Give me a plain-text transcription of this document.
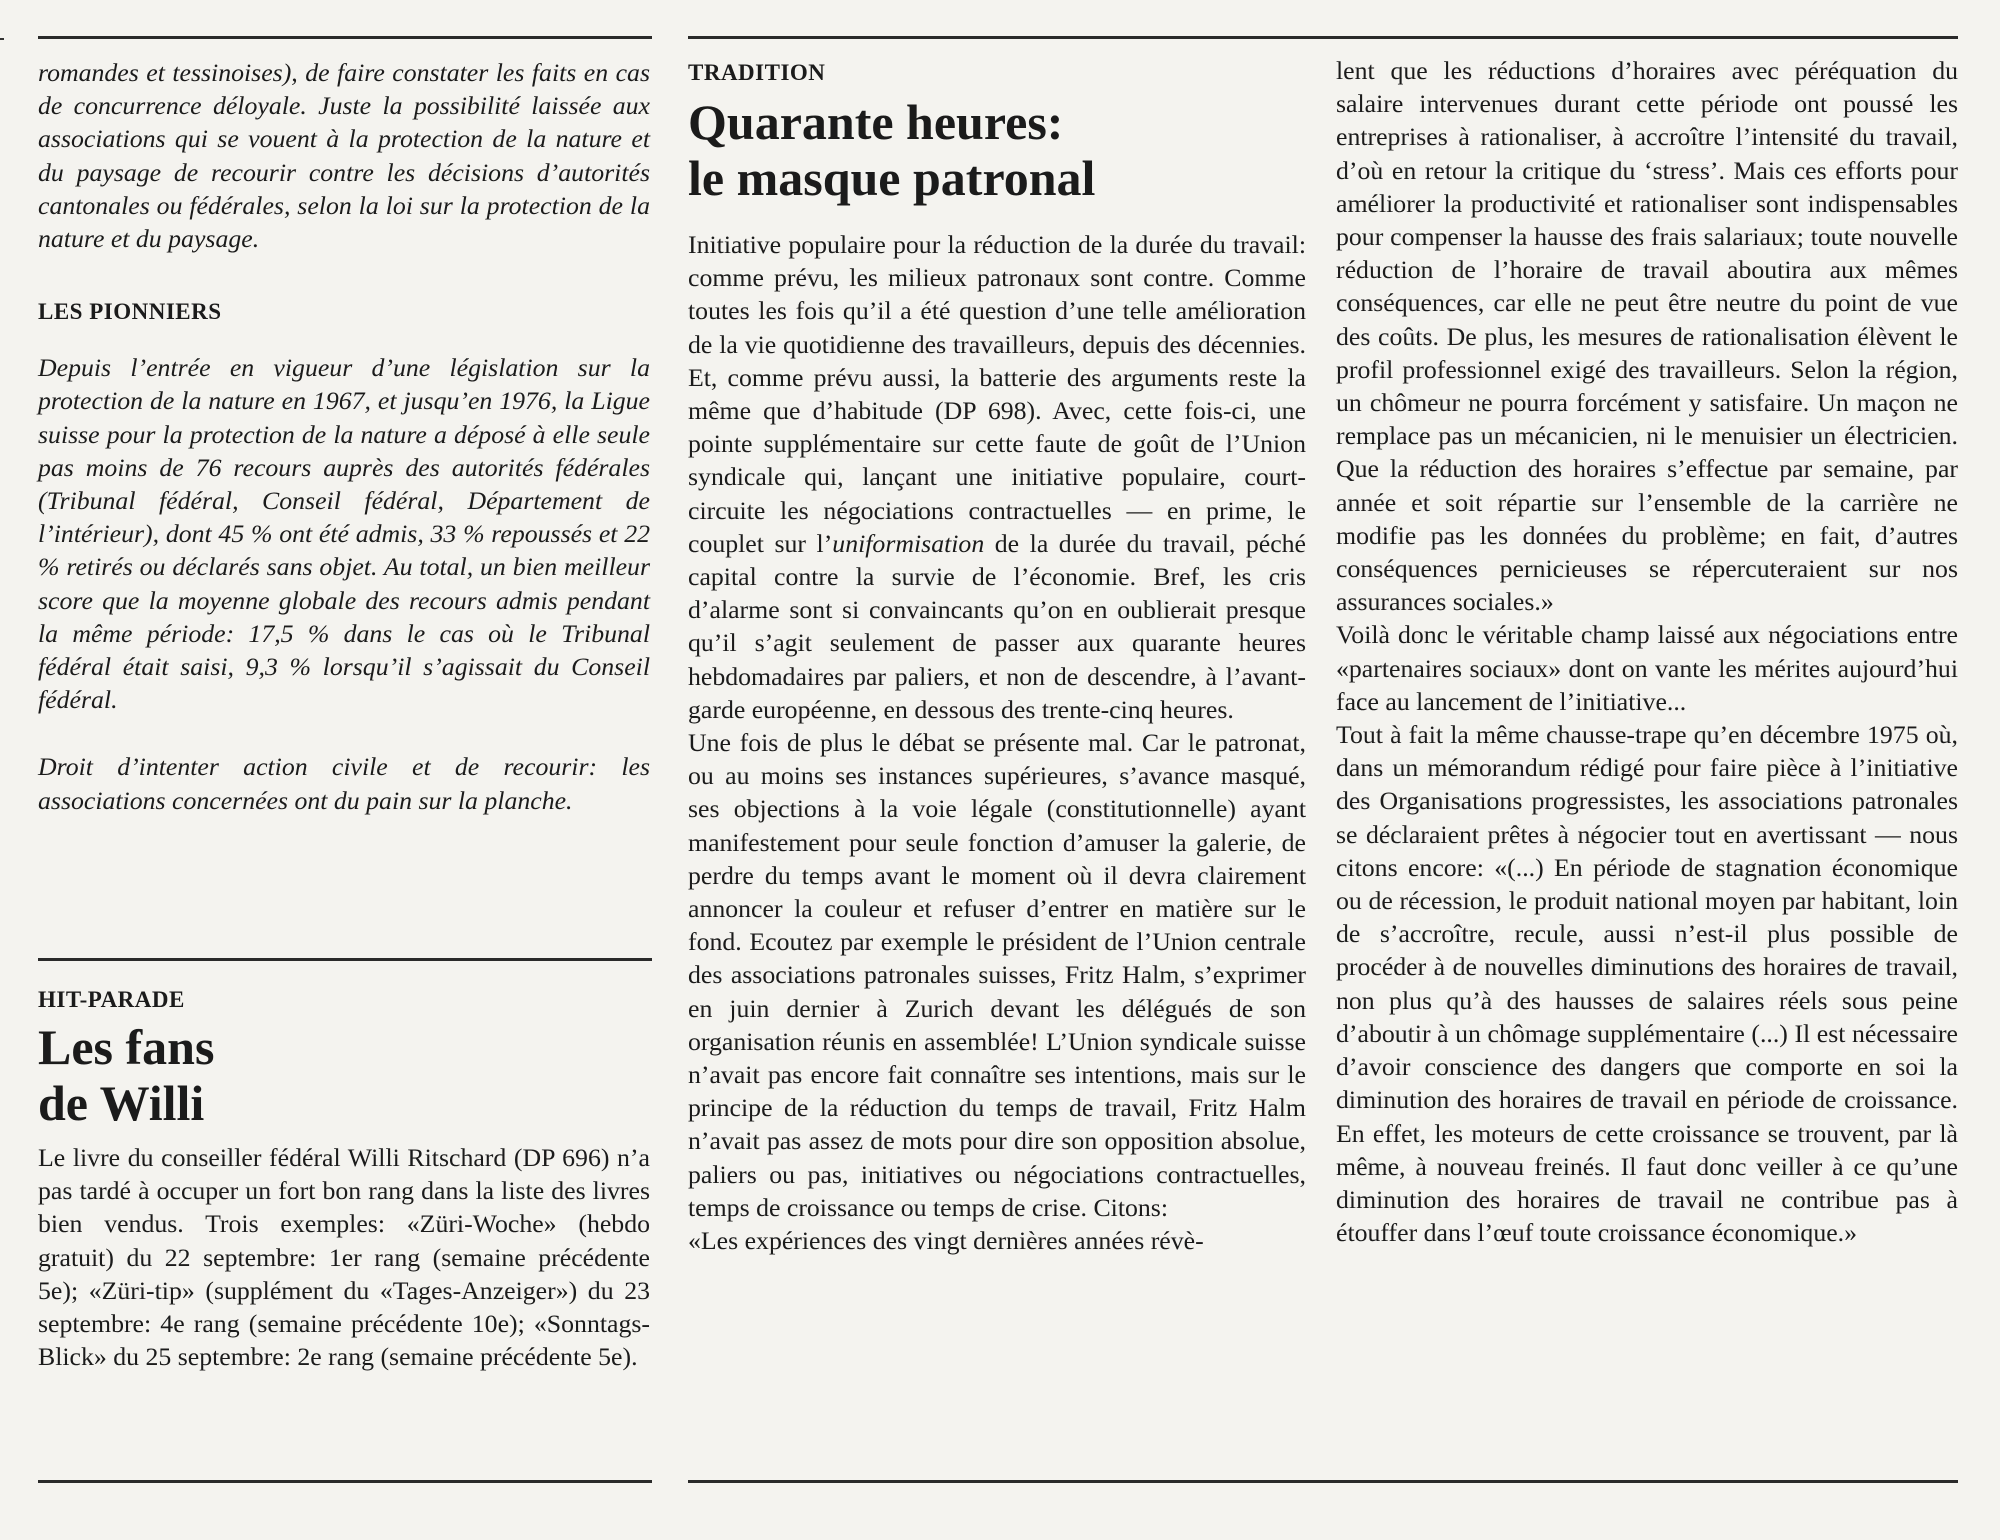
romandes et tessinoises), de faire constater les faits en cas de concurrence déloyale. Juste la possibilité laissée aux associations qui se vouent à la protection de la nature et du paysage de recourir contre les décisions d’autorités cantonales ou fédérales, selon la loi sur la protection de la nature et du paysage.

LES PIONNIERS

Depuis l’entrée en vigueur d’une législation sur la protection de la nature en 1967, et jusqu’en 1976, la Ligue suisse pour la protection de la nature a déposé à elle seule pas moins de 76 recours auprès des autorités fédérales (Tribunal fédéral, Conseil fédéral, Département de l’intérieur), dont 45 % ont été admis, 33 % repoussés et 22 % retirés ou déclarés sans objet. Au total, un bien meilleur score que la moyenne globale des recours admis pendant la même période: 17,5 % dans le cas où le Tribunal fédéral était saisi, 9,3 % lorsqu’il s’agissait du Conseil fédéral.

Droit d’intenter action civile et de recourir: les associations concernées ont du pain sur la planche.

HIT-PARADE
Les fans
de Willi

Le livre du conseiller fédéral Willi Ritschard (DP 696) n’a pas tardé à occuper un fort bon rang dans la liste des livres bien vendus. Trois exemples: «Züri-Woche» (hebdo gratuit) du 22 septembre: 1er rang (semaine précédente 5e); «Züri-tip» (supplément du «Tages-Anzeiger») du 23 septembre: 4e rang (semaine précédente 10e); «Sonntags-Blick» du 25 septembre: 2e rang (semaine précédente 5e).

TRADITION
Quarante heures:
le masque patronal

Initiative populaire pour la réduction de la durée du travail: comme prévu, les milieux patronaux sont contre. Comme toutes les fois qu’il a été question d’une telle amélioration de la vie quotidienne des travailleurs, depuis des décennies. Et, comme prévu aussi, la batterie des arguments reste la même que d’habitude (DP 698). Avec, cette fois-ci, une pointe supplémentaire sur cette faute de goût de l’Union syndicale qui, lançant une initiative populaire, court-circuite les négociations contractuelles — en prime, le couplet sur l’uniformisation de la durée du travail, péché capital contre la survie de l’économie. Bref, les cris d’alarme sont si convaincants qu’on en oublierait presque qu’il s’agit seulement de passer aux quarante heures hebdomadaires par paliers, et non de descendre, à l’avant-garde européenne, en dessous des trente-cinq heures.

Une fois de plus le débat se présente mal. Car le patronat, ou au moins ses instances supérieures, s’avance masqué, ses objections à la voie légale (constitutionnelle) ayant manifestement pour seule fonction d’amuser la galerie, de perdre du temps avant le moment où il devra clairement annoncer la couleur et refuser d’entrer en matière sur le fond. Ecoutez par exemple le président de l’Union centrale des associations patronales suisses, Fritz Halm, s’exprimer en juin dernier à Zurich devant les délégués de son organisation réunis en assemblée! L’Union syndicale suisse n’avait pas encore fait connaître ses intentions, mais sur le principe de la réduction du temps de travail, Fritz Halm n’avait pas assez de mots pour dire son opposition absolue, paliers ou pas, initiatives ou négociations contractuelles, temps de croissance ou temps de crise. Citons:

«Les expériences des vingt dernières années révè-

lent que les réductions d’horaires avec péréquation du salaire intervenues durant cette période ont poussé les entreprises à rationaliser, à accroître l’intensité du travail, d’où en retour la critique du ‘stress’. Mais ces efforts pour améliorer la productivité et rationaliser sont indispensables pour compenser la hausse des frais salariaux; toute nouvelle réduction de l’horaire de travail aboutira aux mêmes conséquences, car elle ne peut être neutre du point de vue des coûts. De plus, les mesures de rationalisation élèvent le profil professionnel exigé des travailleurs. Selon la région, un chômeur ne pourra forcément y satisfaire. Un maçon ne remplace pas un mécanicien, ni le menuisier un électricien. Que la réduction des horaires s’effectue par semaine, par année et soit répartie sur l’ensemble de la carrière ne modifie pas les données du problème; en fait, d’autres conséquences pernicieuses se répercuteraient sur nos assurances sociales.»

Voilà donc le véritable champ laissé aux négociations entre «partenaires sociaux» dont on vante les mérites aujourd’hui face au lancement de l’initiative...

Tout à fait la même chausse-trape qu’en décembre 1975 où, dans un mémorandum rédigé pour faire pièce à l’initiative des Organisations progressistes, les associations patronales se déclaraient prêtes à négocier tout en avertissant — nous citons encore: «(...) En période de stagnation économique ou de récession, le produit national moyen par habitant, loin de s’accroître, recule, aussi n’est-il plus possible de procéder à de nouvelles diminutions des horaires de travail, non plus qu’à des hausses de salaires réels sous peine d’aboutir à un chômage supplémentaire (...) Il est nécessaire d’avoir conscience des dangers que comporte en soi la diminution des horaires de travail en période de croissance. En effet, les moteurs de cette croissance se trouvent, par là même, à nouveau freinés. Il faut donc veiller à ce qu’une diminution des horaires de travail ne contribue pas à étouffer dans l’œuf toute croissance économique.»
